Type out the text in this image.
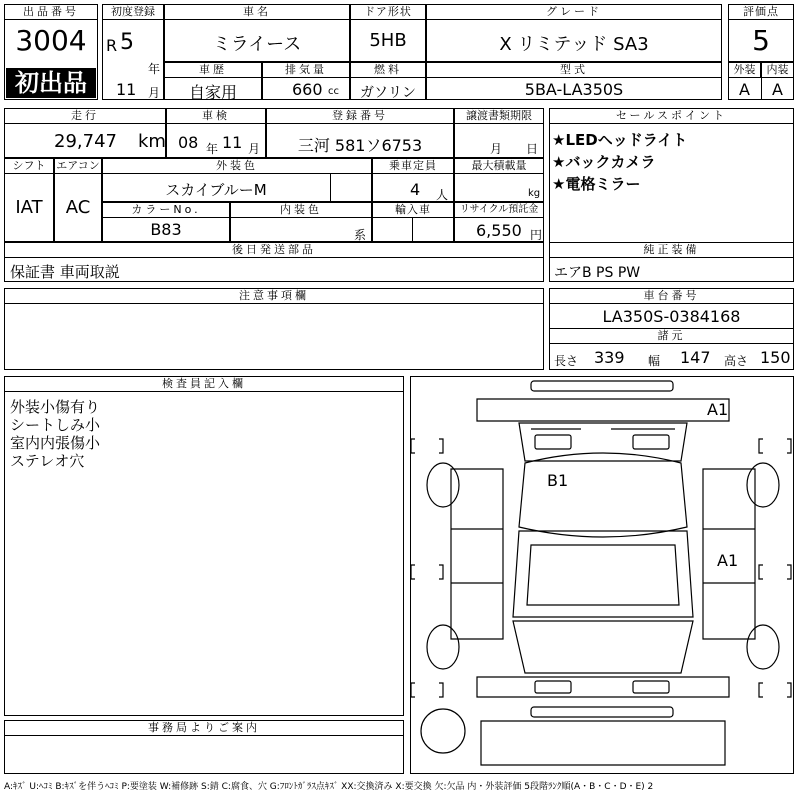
出品番号
3004
初出品
初度登録
R 5
年
11 月
車名
ミライース
ドア形状
5HB
グレード
X リミテッド SA3
評価点
5
車歴
自家用
排気量
660 cc
燃料
ガソリン
型式
5BA-LA350S
外装	内装
A	A
走行
29,747 km
車検
08 年 11 月
登録番号
三河 581ソ6753
譲渡書類期限
月 日
セールスポイント
★LEDヘッドライト
★バックカメラ
★電格ミラー
シフト
IAT
エアコン
AC
外装色
スカイブルーM
乗車定員
4 人
最大積載量
kg
カラーNo.
B83
内装色
系
輸入車	リサイクル預託金
6,550 円
後日発送部品
保証書 車両取説
純正装備
エアB PS PW
注意事項欄	車台番号
LA350S-0384168
諸元
長さ 339 幅 147 高さ 150
検査員記入欄
外装小傷有り
シートしみ小
室内内張傷小
ステレオ穴
事務局よりご案内
A1
B1
A1
A:ｷｽﾞ U:ﾍｺﾐ B:ｷｽﾞを伴うﾍｺﾐ P:要塗装 W:補修跡 S:錆 C:腐食、穴 G:ﾌﾛﾝﾄｶﾞﾗｽ点ｷｽﾞ XX:交換済み X:要交換 欠:欠品 内・外装評価 5段階ﾗﾝｸ順(A・B・C・D・E) 2
